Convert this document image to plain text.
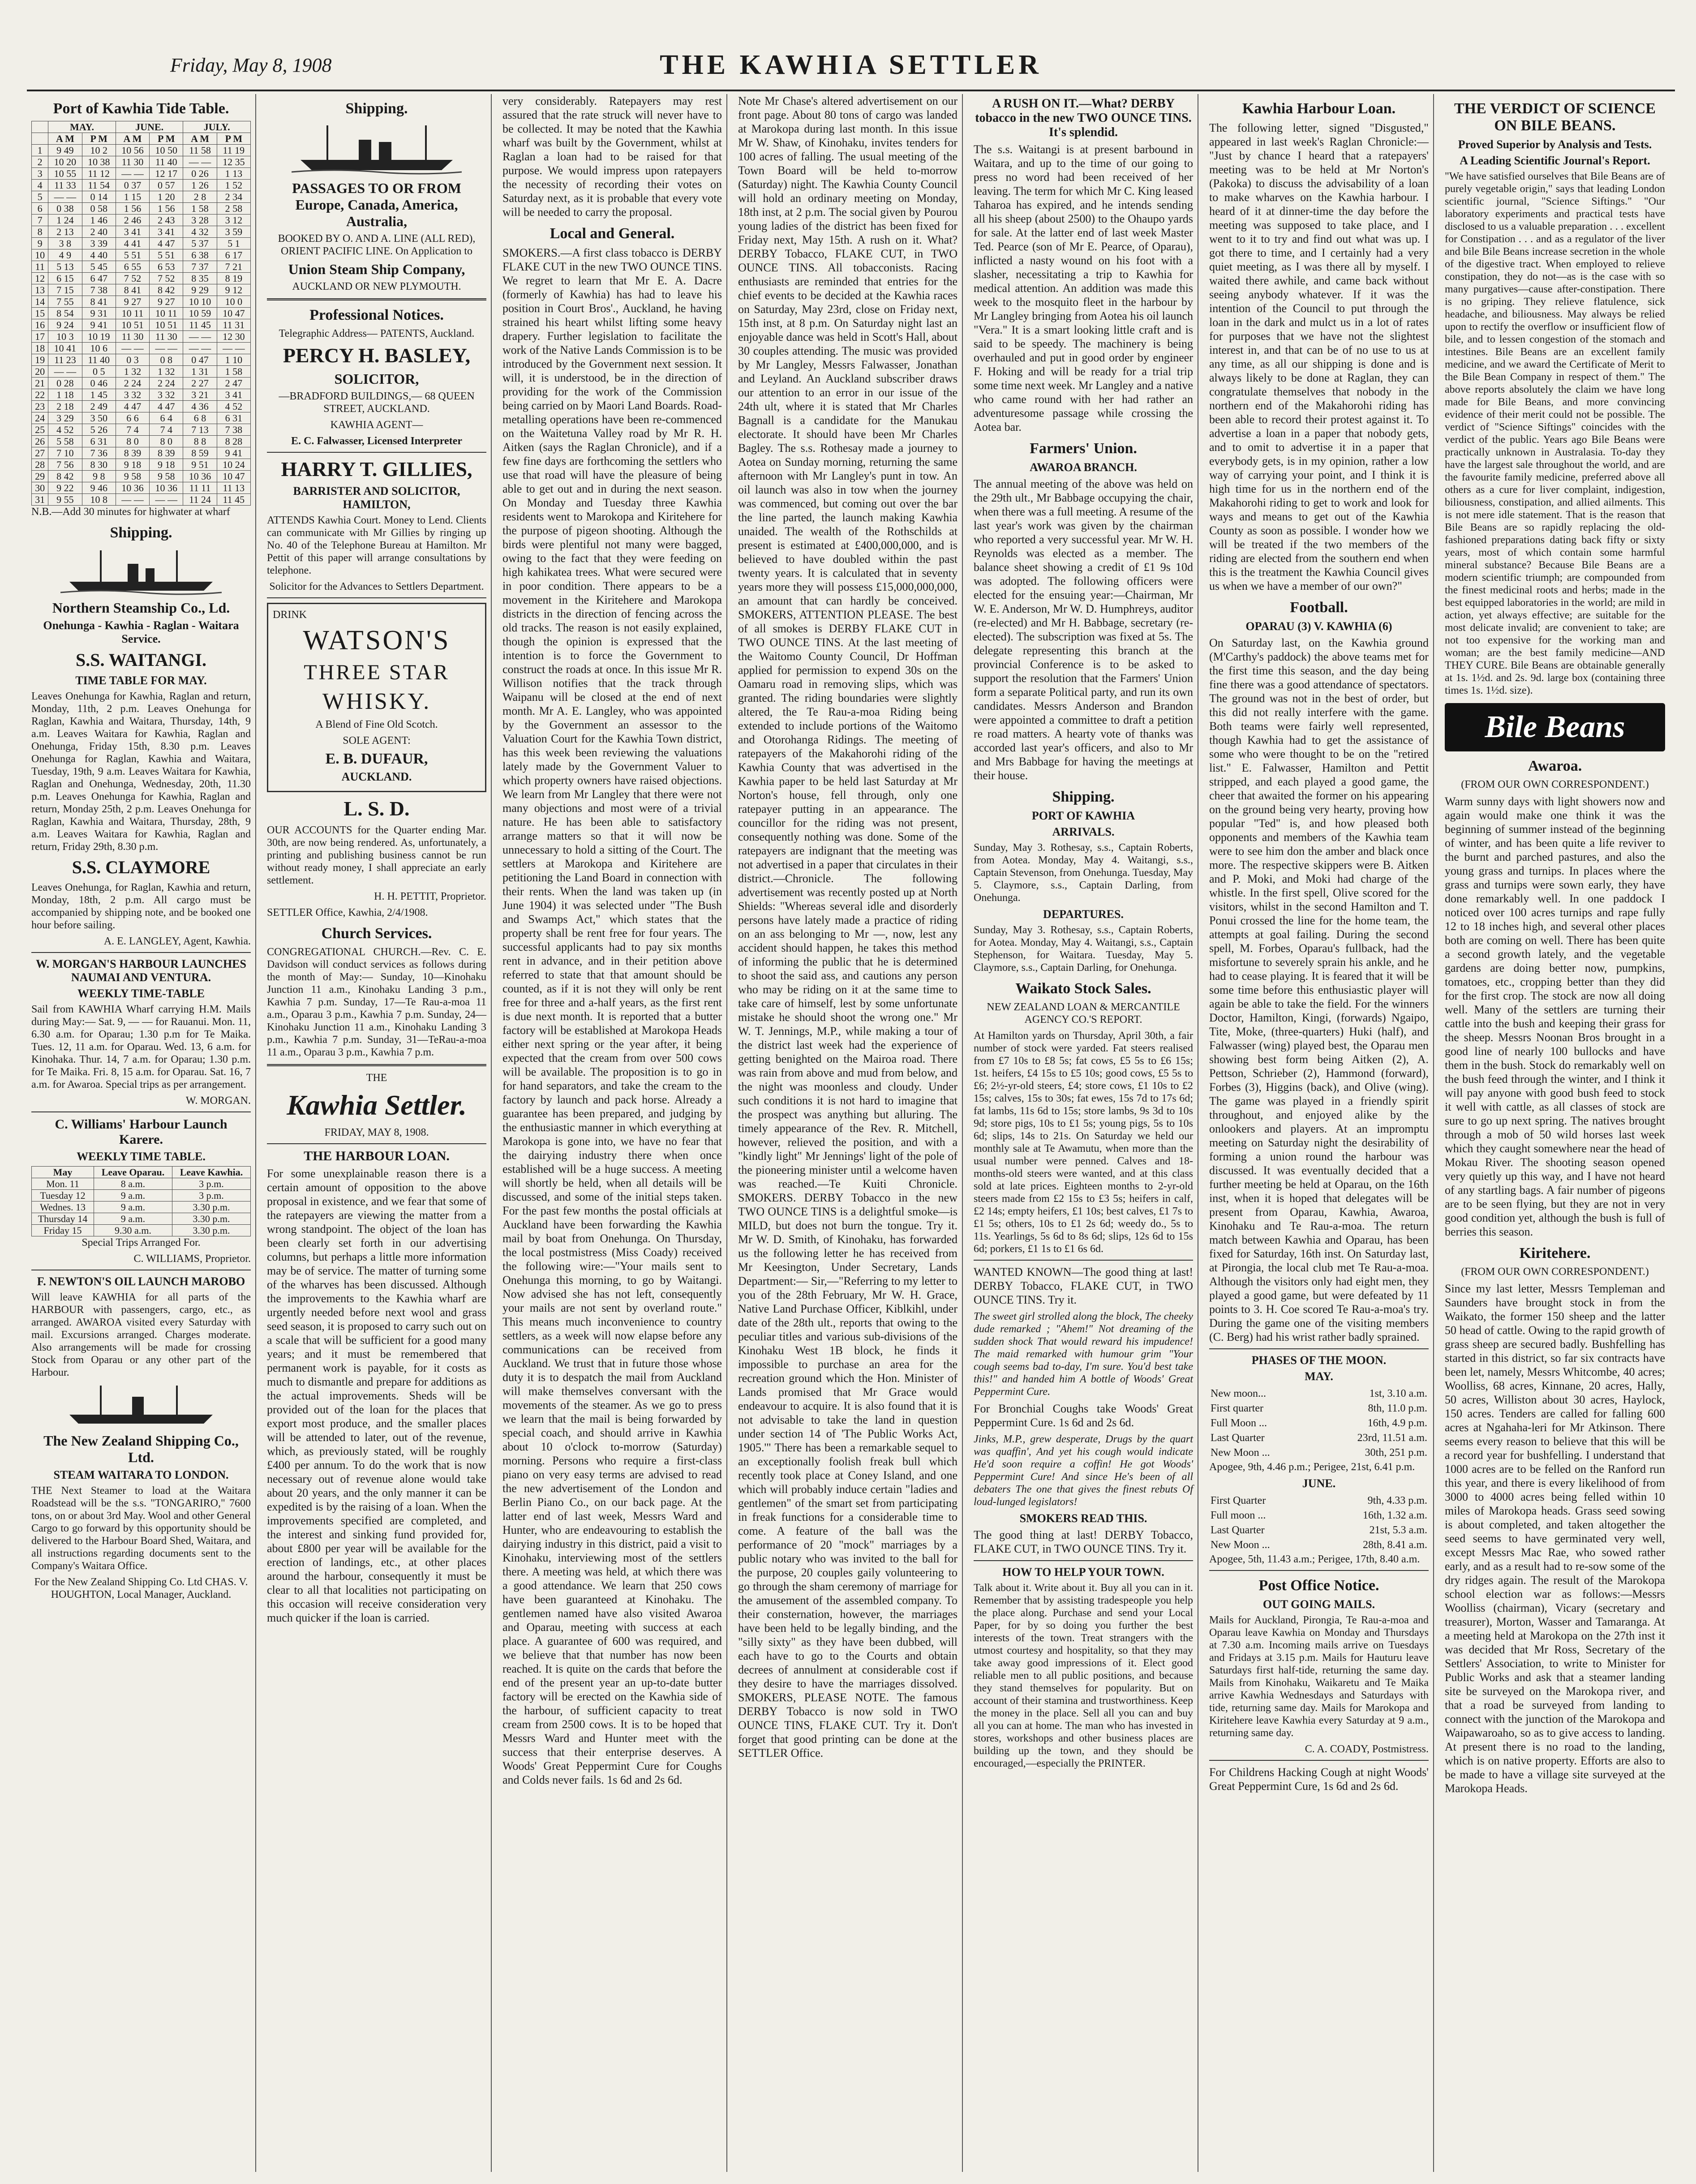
Friday, May 8, 1908	THE KAWHIA SETTLER
Port of Kawhia Tide Table.
	MAY.		JUNE.		JULY.	
	A M	P M	A M	P M	A M	P M
1	9 49	10 2	10 56	10 50	11 58	11 19
2	10 20	10 38	11 30	11 40	— —	12 35
3	10 55	11 12	— —	12 17	0 26	1 13
4	11 33	11 54	0 37	0 57	1 26	1 52
5	— —	0 14	1 15	1 20	2 8	2 34
6	0 38	0 58	1 56	1 56	1 58	2 58
7	1 24	1 46	2 46	2 43	3 28	3 12
8	2 13	2 40	3 41	3 41	4 32	3 59
9	3 8	3 39	4 41	4 47	5 37	5 1
10	4 9	4 40	5 51	5 51	6 38	6 17
11	5 13	5 45	6 55	6 53	7 37	7 21
12	6 15	6 47	7 52	7 52	8 35	8 19
13	7 15	7 38	8 41	8 42	9 29	9 12
14	7 55	8 41	9 27	9 27	10 10	10 0
15	8 54	9 31	10 11	10 11	10 59	10 47
16	9 24	9 41	10 51	10 51	11 45	11 31
17	10 3	10 19	11 30	11 30	— —	12 30
18	10 41	10 6	— —	— —	— —	— —
19	11 23	11 40	0 3	0 8	0 47	1 10
20	— —	0 5	1 32	1 32	1 31	1 58
21	0 28	0 46	2 24	2 24	2 27	2 47
22	1 18	1 45	3 32	3 32	3 21	3 41
23	2 18	2 49	4 47	4 47	4 36	4 52
24	3 29	3 50	6 6	6 4	6 8	6 31
25	4 52	5 26	7 4	7 4	7 13	7 38
26	5 58	6 31	8 0	8 0	8 8	8 28
27	7 10	7 36	8 39	8 39	8 59	9 41
28	7 56	8 30	9 18	9 18	9 51	10 24
29	8 42	9 8	9 58	9 58	10 36	10 47
30	9 22	9 46	10 36	10 36	11 11	11 13
31	9 55	10 8	— —	— —	11 24	11 45
N.B.—Add 30 minutes for highwater at wharf
Shipping.
Northern Steamship Co., Ld.
Onehunga - Kawhia - Raglan - Waitara Service.
S.S. WAITANGI.
TIME TABLE FOR MAY.
Leaves Onehunga for Kawhia, Raglan and return, Monday, 11th, 2 p.m. Leaves Onehunga for Raglan, Kawhia and Waitara, Thursday, 14th, 9 a.m. Leaves Waitara for Kawhia, Raglan and Onehunga, Friday 15th, 8.30 p.m. Leaves Onehunga for Raglan, Kawhia and Waitara, Tuesday, 19th, 9 a.m. Leaves Waitara for Kawhia, Raglan and Onehunga, Wednesday, 20th, 11.30 p.m. Leaves Onehunga for Kawhia, Raglan and return, Monday 25th, 2 p.m. Leaves Onehunga for Raglan, Kawhia and Waitara, Thursday, 28th, 9 a.m. Leaves Waitara for Kawhia, Raglan and return, Friday 29th, 8.30 p.m.
S.S. CLAYMORE
Leaves Onehunga, for Raglan, Kawhia and return, Monday, 18th, 2 p.m. All cargo must be accompanied by shipping note, and be booked one hour before sailing.
A. E. LANGLEY, Agent, Kawhia.
W. MORGAN'S HARBOUR LAUNCHES NAUMAI AND VENTURA.
WEEKLY TIME-TABLE
Sail from KAWHIA Wharf carrying H.M. Mails during May:— Sat. 9, — — for Rauanui. Mon. 11, 6.30 a.m. for Oparau; 1.30 p.m for Te Maika. Tues. 12, 11 a.m. for Oparau. Wed. 13, 6 a.m. for Kinohaka. Thur. 14, 7 a.m. for Oparau; 1.30 p.m. for Te Maika. Fri. 8, 15 a.m. for Oparau. Sat. 16, 7 a.m. for Awaroa. Special trips as per arrangement.
W. MORGAN.
C. Williams' Harbour Launch Karere.
WEEKLY TIME TABLE.
May	Leave Oparau.	Leave Kawhia.
Mon. 11	8 a.m.	3 p.m.
Tuesday 12	9 a.m.	3 p.m.
Wednes. 13	9 a.m.	3.30 p.m.
Thursday 14	9 a.m.	3.30 p.m.
Friday 15	9.30 a.m.	3.30 p.m.
Special Trips Arranged For.
C. WILLIAMS, Proprietor.
F. NEWTON'S OIL LAUNCH MAROBO
Will leave KAWHIA for all parts of the HARBOUR with passengers, cargo, etc., as arranged. AWAROA visited every Saturday with mail. Excursions arranged. Charges moderate. Also arrangements will be made for crossing Stock from Oparau or any other part of the Harbour.
The New Zealand Shipping Co., Ltd.
STEAM WAITARA TO LONDON.
THE Next Steamer to load at the Waitara Roadstead will be the s.s. "TONGARIRO," 7600 tons, on or about 3rd May. Wool and other General Cargo to go forward by this opportunity should be delivered to the Harbour Board Shed, Waitara, and all instructions regarding documents sent to the Company's Waitara Office.
For the New Zealand Shipping Co. Ltd CHAS. V. HOUGHTON, Local Manager, Auckland.
Shipping.
PASSAGES TO OR FROM Europe, Canada, America, Australia,
BOOKED BY O. AND A. LINE (ALL RED), ORIENT PACIFIC LINE. On Application to
Union Steam Ship Company,
AUCKLAND OR NEW PLYMOUTH.
Professional Notices.
Telegraphic Address— PATENTS, Auckland.
PERCY H. BASLEY,
SOLICITOR,
—BRADFORD BUILDINGS,— 68 QUEEN STREET, AUCKLAND.
KAWHIA AGENT—
E. C. Falwasser, Licensed Interpreter
HARRY T. GILLIES,
BARRISTER AND SOLICITOR, HAMILTON,
ATTENDS Kawhia Court. Money to Lend. Clients can communicate with Mr Gillies by ringing up No. 40 of the Telephone Bureau at Hamilton. Mr Pettit of this paper will arrange consultations by telephone.
Solicitor for the Advances to Settlers Department.
DRINK
WATSON'S
THREE STAR
WHISKY.
A Blend of Fine Old Scotch.
SOLE AGENT:
E. B. DUFAUR,
AUCKLAND.
L. S. D.
OUR ACCOUNTS for the Quarter ending Mar. 30th, are now being rendered. As, unfortunately, a printing and publishing business cannot be run without ready money, I shall appreciate an early settlement.
H. H. PETTIT, Proprietor.
SETTLER Office, Kawhia, 2/4/1908.
Church Services.
CONGREGATIONAL CHURCH.—Rev. C. E. Davidson will conduct services as follows during the month of May:— Sunday, 10—Kinohaku Junction 11 a.m., Kinohaku Landing 3 p.m., Kawhia 7 p.m. Sunday, 17—Te Rau-a-moa 11 a.m., Oparau 3 p.m., Kawhia 7 p.m. Sunday, 24—Kinohaku Junction 11 a.m., Kinohaku Landing 3 p.m., Kawhia 7 p.m. Sunday, 31—TeRau-a-moa 11 a.m., Oparau 3 p.m., Kawhia 7 p.m.
THE
Kawhia Settler.
FRIDAY, MAY 8, 1908.
THE HARBOUR LOAN.
For some unexplainable reason there is a certain amount of opposition to the above proposal in existence, and we fear that some of the ratepayers are viewing the matter from a wrong standpoint. The object of the loan has been clearly set forth in our advertising columns, but perhaps a little more information may be of service. The matter of turning some of the wharves has been discussed. Although the improvements to the Kawhia wharf are urgently needed before next wool and grass seed season, it is proposed to carry such out on a scale that will be sufficient for a good many years; and it must be remembered that permanent work is payable, for it costs as much to dismantle and prepare for additions as the actual improvements. Sheds will be provided out of the loan for the places that export most produce, and the smaller places will be attended to later, out of the revenue, which, as previously stated, will be roughly £400 per annum. To do the work that is now necessary out of revenue alone would take about 20 years, and the only manner it can be expedited is by the raising of a loan. When the improvements specified are completed, and the interest and sinking fund provided for, about £800 per year will be available for the erection of landings, etc., at other places around the harbour, consequently it must be clear to all that localities not participating on this occasion will receive consideration very much quicker if the loan is carried.
very considerably. Ratepayers may rest assured that the rate struck will never have to be collected. It may be noted that the Kawhia wharf was built by the Government, whilst at Raglan a loan had to be raised for that purpose. We would impress upon ratepayers the necessity of recording their votes on Saturday next, as it is probable that every vote will be needed to carry the proposal.
Local and General.
SMOKERS.—A first class tobacco is DERBY FLAKE CUT in the new TWO OUNCE TINS. We regret to learn that Mr E. A. Dacre (formerly of Kawhia) has had to leave his position in Court Bros'., Auckland, he having strained his heart whilst lifting some heavy drapery. Further legislation to facilitate the work of the Native Lands Commission is to be introduced by the Government next session. It will, it is understood, be in the direction of providing for the work of the Commission being carried on by Maori Land Boards. Road-metalling operations have been re-commenced on the Waitetuna Valley road by Mr R. H. Aitken (says the Raglan Chronicle), and if a few fine days are forthcoming the settlers who use that road will have the pleasure of being able to get out and in during the next season. On Monday and Tuesday three Kawhia residents went to Marokopa and Kiritehere for the purpose of pigeon shooting. Although the birds were plentiful not many were bagged, owing to the fact that they were feeding on high kahikatea trees. What were secured were in poor condition. There appears to be a movement in the Kiritehere and Marokopa districts in the direction of fencing across the old tracks. The reason is not easily explained, though the opinion is expressed that the intention is to force the Government to construct the roads at once. In this issue Mr R. Willison notifies that the track through Waipanu will be closed at the end of next month. Mr A. E. Langley, who was appointed by the Government an assessor to the Valuation Court for the Kawhia Town district, has this week been reviewing the valuations lately made by the Government Valuer to which property owners have raised objections. We learn from Mr Langley that there were not many objections and most were of a trivial nature. He has been able to satisfactory arrange matters so that it will now be unnecessary to hold a sitting of the Court. The settlers at Marokopa and Kiritehere are petitioning the Land Board in connection with their rents. When the land was taken up (in June 1904) it was selected under "The Bush and Swamps Act," which states that the property shall be rent free for four years. The successful applicants had to pay six months rent in advance, and in their petition above referred to state that that amount should be counted, as if it is not they will only be rent free for three and a-half years, as the first rent is due next month. It is reported that a butter factory will be established at Marokopa Heads either next spring or the year after, it being expected that the cream from over 500 cows will be available. The proposition is to go in for hand separators, and take the cream to the factory by launch and pack horse. Already a guarantee has been prepared, and judging by the enthusiastic manner in which everything at Marokopa is gone into, we have no fear that the dairying industry there when once established will be a huge success. A meeting will shortly be held, when all details will be discussed, and some of the initial steps taken. For the past few months the postal officials at Auckland have been forwarding the Kawhia mail by boat from Onehunga. On Thursday, the local postmistress (Miss Coady) received the following wire:—"Your mails sent to Onehunga this morning, to go by Waitangi. Now advised she has not left, consequently your mails are not sent by overland route." This means much inconvenience to country settlers, as a week will now elapse before any communications can be received from Auckland. We trust that in future those whose duty it is to despatch the mail from Auckland will make themselves conversant with the movements of the steamer. As we go to press we learn that the mail is being forwarded by special coach, and should arrive in Kawhia about 10 o'clock to-morrow (Saturday) morning. Persons who require a first-class piano on very easy terms are advised to read the new advertisement of the London and Berlin Piano Co., on our back page. At the latter end of last week, Messrs Ward and Hunter, who are endeavouring to establish the dairying industry in this district, paid a visit to Kinohaku, interviewing most of the settlers there. A meeting was held, at which there was a good attendance. We learn that 250 cows have been guaranteed at Kinohaku. The gentlemen named have also visited Awaroa and Oparau, meeting with success at each place. A guarantee of 600 was required, and we believe that that number has now been reached. It is quite on the cards that before the end of the present year an up-to-date butter factory will be erected on the Kawhia side of the harbour, of sufficient capacity to treat cream from 2500 cows. It is to be hoped that Messrs Ward and Hunter meet with the success that their enterprise deserves. A Woods' Great Peppermint Cure for Coughs and Colds never fails. 1s 6d and 2s 6d.
Note Mr Chase's altered advertisement on our front page. About 80 tons of cargo was landed at Marokopa during last month. In this issue Mr W. Shaw, of Kinohaku, invites tenders for 100 acres of falling. The usual meeting of the Town Board will be held to-morrow (Saturday) night. The Kawhia County Council will hold an ordinary meeting on Monday, 18th inst, at 2 p.m. The social given by Pourou young ladies of the district has been fixed for Friday next, May 15th. A rush on it. What? DERBY Tobacco, FLAKE CUT, in TWO OUNCE TINS. All tobacconists. Racing enthusiasts are reminded that entries for the chief events to be decided at the Kawhia races on Saturday, May 23rd, close on Friday next, 15th inst, at 8 p.m. On Saturday night last an enjoyable dance was held in Scott's Hall, about 30 couples attending. The music was provided by Mr Langley, Messrs Falwasser, Jonathan and Leyland. An Auckland subscriber draws our attention to an error in our issue of the 24th ult, where it is stated that Mr Charles Bagnall is a candidate for the Manukau electorate. It should have been Mr Charles Bagley. The s.s. Rothesay made a journey to Aotea on Sunday morning, returning the same afternoon with Mr Langley's punt in tow. An oil launch was also in tow when the journey was commenced, but coming out over the bar the line parted, the launch making Kawhia unaided. The wealth of the Rothschilds at present is estimated at £400,000,000, and is believed to have doubled within the past twenty years. It is calculated that in seventy years more they will possess £15,000,000,000, an amount that can hardly be conceived. SMOKERS, ATTENTION PLEASE. The best of all smokes is DERBY FLAKE CUT in TWO OUNCE TINS. At the last meeting of the Waitomo County Council, Dr Hoffman applied for permission to expend 30s on the Oamaru road in removing slips, which was granted. The riding boundaries were slightly altered, the Te Rau-a-moa Riding being extended to include portions of the Waitomo and Otorohanga Ridings. The meeting of ratepayers of the Makahorohi riding of the Kawhia County that was advertised in the Kawhia paper to be held last Saturday at Mr Norton's house, fell through, only one ratepayer putting in an appearance. The councillor for the riding was not present, consequently nothing was done. Some of the ratepayers are indignant that the meeting was not advertised in a paper that circulates in their district.—Chronicle. The following advertisement was recently posted up at North Shields: "Whereas several idle and disorderly persons have lately made a practice of riding on an ass belonging to Mr —, now, lest any accident should happen, he takes this method of informing the public that he is determined to shoot the said ass, and cautions any person who may be riding on it at the same time to take care of himself, lest by some unfortunate mistake he should shoot the wrong one." Mr W. T. Jennings, M.P., while making a tour of the district last week had the experience of getting benighted on the Mairoa road. There was rain from above and mud from below, and the night was moonless and cloudy. Under such conditions it is not hard to imagine that the prospect was anything but alluring. The timely appearance of the Rev. R. Mitchell, however, relieved the position, and with a "kindly light" Mr Jennings' light of the pole of the pioneering minister until a welcome haven was reached.—Te Kuiti Chronicle. SMOKERS. DERBY Tobacco in the new TWO OUNCE TINS is a delightful smoke—is MILD, but does not burn the tongue. Try it. Mr W. D. Smith, of Kinohaku, has forwarded us the following letter he has received from Mr Keesington, Under Secretary, Lands Department:— Sir,—"Referring to my letter to you of the 28th February, Mr W. H. Grace, Native Land Purchase Officer, Kiblkihl, under date of the 28th ult., reports that owing to the peculiar titles and various sub-divisions of the Kinohaku West 1B block, he finds it impossible to purchase an area for the recreation ground which the Hon. Minister of Lands promised that Mr Grace would endeavour to acquire. It is also found that it is not advisable to take the land in question under section 14 of 'The Public Works Act, 1905.'" There has been a remarkable sequel to an exceptionally foolish freak bull which recently took place at Coney Island, and one which will probably induce certain "ladies and gentlemen" of the smart set from participating in freak functions for a considerable time to come. A feature of the ball was the performance of 20 "mock" marriages by a public notary who was invited to the ball for the purpose, 20 couples gaily volunteering to go through the sham ceremony of marriage for the amusement of the assembled company. To their consternation, however, the marriages have been held to be legally binding, and the "silly sixty" as they have been dubbed, will each have to go to the Courts and obtain decrees of annulment at considerable cost if they desire to have the marriages dissolved. SMOKERS, PLEASE NOTE. The famous DERBY Tobacco is now sold in TWO OUNCE TINS, FLAKE CUT. Try it. Don't forget that good printing can be done at the SETTLER Office.
A RUSH ON IT.—What? DERBY tobacco in the new TWO OUNCE TINS. It's splendid.
The s.s. Waitangi is at present barbound in Waitara, and up to the time of our going to press no word had been received of her leaving. The term for which Mr C. King leased Taharoa has expired, and he intends sending all his sheep (about 2500) to the Ohaupo yards for sale. At the latter end of last week Master Ted. Pearce (son of Mr E. Pearce, of Oparau), inflicted a nasty wound on his foot with a slasher, necessitating a trip to Kawhia for medical attention. An addition was made this week to the mosquito fleet in the harbour by Mr Langley bringing from Aotea his oil launch "Vera." It is a smart looking little craft and is said to be speedy. The machinery is being overhauled and put in good order by engineer F. Hoking and will be ready for a trial trip some time next week. Mr Langley and a native who came round with her had rather an adventuresome passage while crossing the Aotea bar.
Farmers' Union.
AWAROA BRANCH.
The annual meeting of the above was held on the 29th ult., Mr Babbage occupying the chair, when there was a full meeting. A resume of the last year's work was given by the chairman who reported a very successful year. Mr W. H. Reynolds was elected as a member. The balance sheet showing a credit of £1 9s 10d was adopted. The following officers were elected for the ensuing year:—Chairman, Mr W. E. Anderson, Mr W. D. Humphreys, auditor (re-elected) and Mr H. Babbage, secretary (re-elected). The subscription was fixed at 5s. The delegate representing this branch at the provincial Conference is to be asked to support the resolution that the Farmers' Union form a separate Political party, and run its own candidates. Messrs Anderson and Brandon were appointed a committee to draft a petition re road matters. A hearty vote of thanks was accorded last year's officers, and also to Mr and Mrs Babbage for having the meetings at their house.
Shipping.
PORT OF KAWHIA
ARRIVALS.
Sunday, May 3. Rothesay, s.s., Captain Roberts, from Aotea. Monday, May 4. Waitangi, s.s., Captain Stevenson, from Onehunga. Tuesday, May 5. Claymore, s.s., Captain Darling, from Onehunga.
DEPARTURES.
Sunday, May 3. Rothesay, s.s., Captain Roberts, for Aotea. Monday, May 4. Waitangi, s.s., Captain Stephenson, for Waitara. Tuesday, May 5. Claymore, s.s., Captain Darling, for Onehunga.
Waikato Stock Sales.
NEW ZEALAND LOAN & MERCANTILE AGENCY CO.'S REPORT.
At Hamilton yards on Thursday, April 30th, a fair number of stock were yarded. Fat steers realised from £7 10s to £8 5s; fat cows, £5 5s to £6 15s; 1st. heifers, £4 15s to £5 10s; good cows, £5 5s to £6; 2½-yr-old steers, £4; store cows, £1 10s to £2 15s; calves, 15s to 30s; fat ewes, 15s 7d to 17s 6d; fat lambs, 11s 6d to 15s; store lambs, 9s 3d to 10s 9d; store pigs, 10s to £1 5s; young pigs, 5s to 10s 6d; slips, 14s to 21s. On Saturday we held our monthly sale at Te Awamutu, when more than the usual number were penned. Calves and 18-months-old steers were wanted, and at this class sold at late prices. Eighteen months to 2-yr-old steers made from £2 15s to £3 5s; heifers in calf, £2 14s; empty heifers, £1 10s; best calves, £1 7s to £1 5s; others, 10s to £1 2s 6d; weedy do., 5s to 11s. Yearlings, 5s 6d to 8s 6d; slips, 12s 6d to 15s 6d; porkers, £1 1s to £1 6s 6d.
WANTED KNOWN—The good thing at last! DERBY Tobacco, FLAKE CUT, in TWO OUNCE TINS. Try it.
The sweet girl strolled along the block, The cheeky dude remarked ; "Ahem!" Not dreaming of the sudden shock That would reward his impudence! The maid remarked with humour grim "Your cough seems bad to-day, I'm sure. You'd best take this!" and handed him A bottle of Woods' Great Peppermint Cure.
For Bronchial Coughs take Woods' Great Peppermint Cure. 1s 6d and 2s 6d.
Jinks, M.P., grew desperate, Drugs by the quart was quaffin', And yet his cough would indicate He'd soon require a coffin! He got Woods' Peppermint Cure! And since He's been of all debaters The one that gives the finest rebuts Of loud-lunged legislators!
SMOKERS READ THIS.
The good thing at last! DERBY Tobacco, FLAKE CUT, in TWO OUNCE TINS. Try it.
HOW TO HELP YOUR TOWN.
Talk about it. Write about it. Buy all you can in it. Remember that by assisting tradespeople you help the place along. Purchase and send your Local Paper, for by so doing you further the best interests of the town. Treat strangers with the utmost courtesy and hospitality, so that they may take away good impressions of it. Elect good reliable men to all public positions, and because they stand themselves for popularity. But on account of their stamina and trustworthiness. Keep the money in the place. Sell all you can and buy all you can at home. The man who has invested in stores, workshops and other business places are building up the town, and they should be encouraged,—especially the PRINTER.
Kawhia Harbour Loan.
The following letter, signed "Disgusted," appeared in last week's Raglan Chronicle:— "Just by chance I heard that a ratepayers' meeting was to be held at Mr Norton's (Pakoka) to discuss the advisability of a loan to make wharves on the Kawhia harbour. I heard of it at dinner-time the day before the meeting was supposed to take place, and I went to it to try and find out what was up. I got there to time, and I certainly had a very quiet meeting, as I was there all by myself. I waited there awhile, and came back without seeing anybody whatever. If it was the intention of the Council to put through the loan in the dark and mulct us in a lot of rates for purposes that we have not the slightest interest in, and that can be of no use to us at any time, as all our shipping is done and is always likely to be done at Raglan, they can congratulate themselves that nobody in the northern end of the Makahorohi riding has been able to record their protest against it. To advertise a loan in a paper that nobody gets, and to omit to advertise it in a paper that everybody gets, is in my opinion, rather a low way of carrying your point, and I think it is high time for us in the northern end of the Makahorohi riding to get to work and look for ways and means to get out of the Kawhia County as soon as possible. I wonder how we will be treated if the two members of the riding are elected from the southern end when this is the treatment the Kawhia Council gives us when we have a member of our own?"
Football.
OPARAU (3) V. KAWHIA (6)
On Saturday last, on the Kawhia ground (M'Carthy's paddock) the above teams met for the first time this season, and the day being fine there was a good attendance of spectators. The ground was not in the best of order, but this did not really interfere with the game. Both teams were fairly well represented, though Kawhia had to get the assistance of some who were thought to be on the "retired list." E. Falwasser, Hamilton and Pettit stripped, and each played a good game, the cheer that awaited the former on his appearing on the ground being very hearty, proving how popular "Ted" is, and how pleased both opponents and members of the Kawhia team were to see him don the amber and black once more. The respective skippers were B. Aitken and P. Moki, and Moki had charge of the whistle. In the first spell, Olive scored for the visitors, whilst in the second Hamilton and T. Ponui crossed the line for the home team, the attempts at goal failing. During the second spell, M. Forbes, Oparau's fullback, had the misfortune to severely sprain his ankle, and he had to cease playing. It is feared that it will be some time before this enthusiastic player will again be able to take the field. For the winners Doctor, Hamilton, Kingi, (forwards) Ngaipo, Tite, Moke, (three-quarters) Huki (half), and Falwasser (wing) played best, the Oparau men showing best form being Aitken (2), A. Pettson, Schrieber (2), Hammond (forward), Forbes (3), Higgins (back), and Olive (wing). The game was played in a friendly spirit throughout, and enjoyed alike by the onlookers and players. At an impromptu meeting on Saturday night the desirability of forming a union round the harbour was discussed. It was eventually decided that a further meeting be held at Oparau, on the 16th inst, when it is hoped that delegates will be present from Oparau, Kawhia, Awaroa, Kinohaku and Te Rau-a-moa. The return match between Kawhia and Oparau, has been fixed for Saturday, 16th inst. On Saturday last, at Pirongia, the local club met Te Rau-a-moa. Although the visitors only had eight men, they played a good game, but were defeated by 11 points to 3. H. Coe scored Te Rau-a-moa's try. During the game one of the visiting members (C. Berg) had his wrist rather badly sprained.
PHASES OF THE MOON.
MAY.
New moon...	1st, 3.10 a.m.
First quarter	8th, 11.0 p.m.
Full Moon ...	16th, 4.9 p.m.
Last Quarter	23rd, 11.51 a.m.
New Moon ...	30th, 251 p.m.
Apogee, 9th, 4.46 p.m.; Perigee, 21st, 6.41 p.m.
JUNE.
First Quarter	9th, 4.33 p.m.
Full moon ...	16th, 1.32 a.m.
Last Quarter	21st, 5.3 a.m.
New Moon ...	28th, 8.41 a.m.
Apogee, 5th, 11.43 a.m.; Perigee, 17th, 8.40 a.m.
Post Office Notice.
OUT GOING MAILS.
Mails for Auckland, Pirongia, Te Rau-a-moa and Oparau leave Kawhia on Monday and Thursdays at 7.30 a.m. Incoming mails arrive on Tuesdays and Fridays at 3.15 p.m. Mails for Hauturu leave Saturdays first half-tide, returning the same day. Mails from Kinohaku, Waikaretu and Te Maika arrive Kawhia Wednesdays and Saturdays with tide, returning same day. Mails for Marokopa and Kiritehere leave Kawhia every Saturday at 9 a.m., returning same day.
C. A. COADY, Postmistress.
For Childrens Hacking Cough at night Woods' Great Peppermint Cure, 1s 6d and 2s 6d.
THE VERDICT OF SCIENCE ON BILE BEANS.
Proved Superior by Analysis and Tests.
A Leading Scientific Journal's Report.
"We have satisfied ourselves that Bile Beans are of purely vegetable origin," says that leading London scientific journal, "Science Siftings." "Our laboratory experiments and practical tests have disclosed to us a valuable preparation . . . excellent for Constipation . . . and as a regulator of the liver and bile Bile Beans increase secretion in the whole of the digestive tract. When employed to relieve constipation, they do not—as is the case with so many purgatives—cause after-constipation. There is no griping. They relieve flatulence, sick headache, and biliousness. May always be relied upon to rectify the overflow or insufficient flow of bile, and to lessen congestion of the stomach and intestines. Bile Beans are an excellent family medicine, and we award the Certificate of Merit to the Bile Bean Company in respect of them." The above reports absolutely the claim we have long made for Bile Beans, and more convincing evidence of their merit could not be possible. The verdict of "Science Siftings" coincides with the verdict of the public. Years ago Bile Beans were practically unknown in Australasia. To-day they have the largest sale throughout the world, and are the favourite family medicine, preferred above all others as a cure for liver complaint, indigestion, biliousness, constipation, and allied ailments. This is not mere idle statement. That is the reason that Bile Beans are so rapidly replacing the old-fashioned preparations dating back fifty or sixty years, most of which contain some harmful mineral substance? Because Bile Beans are a modern scientific triumph; are compounded from the finest medicinal roots and herbs; made in the best equipped laboratories in the world; are mild in action, yet always effective; are suitable for the most delicate invalid; are convenient to take; are not too expensive for the working man and woman; are the best family medicine—AND THEY CURE. Bile Beans are obtainable generally at 1s. 1½d. and 2s. 9d. large box (containing three times 1s. 1½d. size).
Bile Beans
Awaroa.
(FROM OUR OWN CORRESPONDENT.)
Warm sunny days with light showers now and again would make one think it was the beginning of summer instead of the beginning of winter, and has been quite a life reviver to the burnt and parched pastures, and also the young grass and turnips. In places where the grass and turnips were sown early, they have done remarkably well. In one paddock I noticed over 100 acres turnips and rape fully 12 to 18 inches high, and several other places both are coming on well. There has been quite a second growth lately, and the vegetable gardens are doing better now, pumpkins, tomatoes, etc., cropping better than they did for the first crop. The stock are now all doing well. Many of the settlers are turning their cattle into the bush and keeping their grass for the sheep. Messrs Noonan Bros brought in a good line of nearly 100 bullocks and have them in the bush. Stock do remarkably well on the bush feed through the winter, and I think it will pay anyone with good bush feed to stock it well with cattle, as all classes of stock are sure to go up next spring. The natives brought through a mob of 50 wild horses last week which they caught somewhere near the head of Mokau River. The shooting season opened very quietly up this way, and I have not heard of any startling bags. A fair number of pigeons are to be seen flying, but they are not in very good condition yet, although the bush is full of berries this season.
Kiritehere.
(FROM OUR OWN CORRESPONDENT.)
Since my last letter, Messrs Templeman and Saunders have brought stock in from the Waikato, the former 150 sheep and the latter 50 head of cattle. Owing to the rapid growth of grass sheep are secured badly. Bushfelling has started in this district, so far six contracts have been let, namely, Messrs Whitcombe, 40 acres; Woolliss, 68 acres, Kinnane, 20 acres, Hally, 50 acres, Williston about 30 acres, Haylock, 150 acres. Tenders are called for falling 600 acres at Ngahaha-leri for Mr Atkinson. There seems every reason to believe that this will be a record year for bushfelling. I understand that 1000 acres are to be felled on the Ranford run this year, and there is every likelihood of from 3000 to 4000 acres being felled within 10 miles of Marokopa heads. Grass seed sowing is about completed, and taken altogether the seed seems to have germinated very well, except Messrs Mac Rae, who sowed rather early, and as a result had to re-sow some of the dry ridges again. The result of the Marokopa school election war as follows:—Messrs Woolliss (chairman), Vicary (secretary and treasurer), Morton, Wasser and Tamaranga. At a meeting held at Marokopa on the 27th inst it was decided that Mr Ross, Secretary of the Settlers' Association, to write to Minister for Public Works and ask that a steamer landing site be surveyed on the Marokopa river, and that a road be surveyed from landing to connect with the junction of the Marokopa and Waipawaroaho, so as to give access to landing. At present there is no road to the landing, which is on native property. Efforts are also to be made to have a village site surveyed at the Marokopa Heads.
